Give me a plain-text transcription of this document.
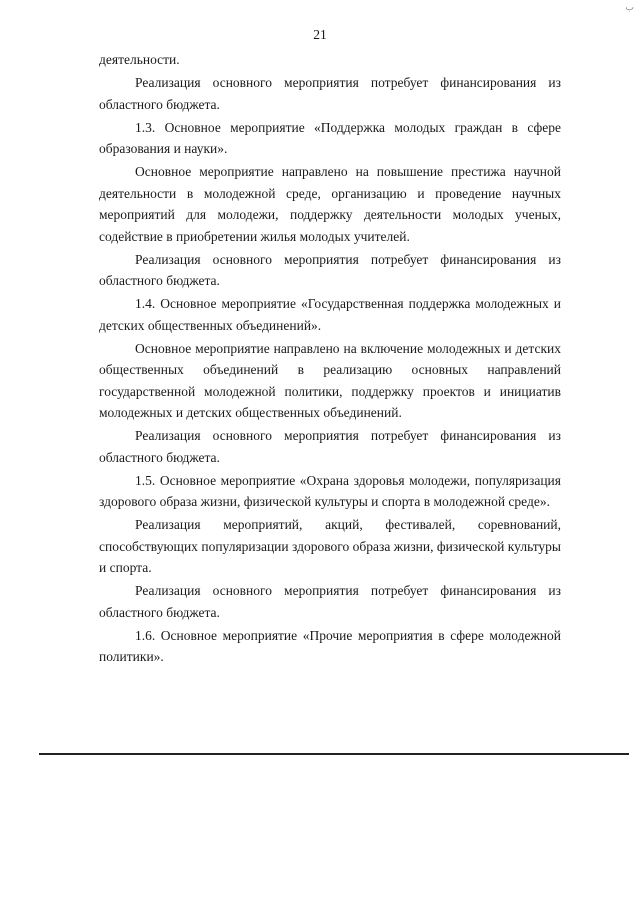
ب
21

деятельности.

Реализация основного мероприятия потребует финансирования из областного бюджета.

1.3. Основное мероприятие «Поддержка молодых граждан в сфере образования и науки».

Основное мероприятие направлено на повышение престижа научной деятельности в молодежной среде, организацию и проведение научных мероприятий для молодежи, поддержку деятельности молодых ученых, содействие в приобретении жилья молодых учителей.

Реализация основного мероприятия потребует финансирования из областного бюджета.

1.4. Основное мероприятие «Государственная поддержка молодежных и детских общественных объединений».

Основное мероприятие направлено на включение молодежных и детских общественных объединений в реализацию основных направлений государственной молодежной политики, поддержку проектов и инициатив молодежных и детских общественных объединений.

Реализация основного мероприятия потребует финансирования из областного бюджета.

1.5. Основное мероприятие «Охрана здоровья молодежи, популяризация здорового образа жизни, физической культуры и спорта в молодежной среде».

Реализация мероприятий, акций, фестивалей, соревнований, способствующих популяризации здорового образа жизни, физической культуры и спорта.

Реализация основного мероприятия потребует финансирования из областного бюджета.

1.6. Основное мероприятие «Прочие мероприятия в сфере молодежной политики».
